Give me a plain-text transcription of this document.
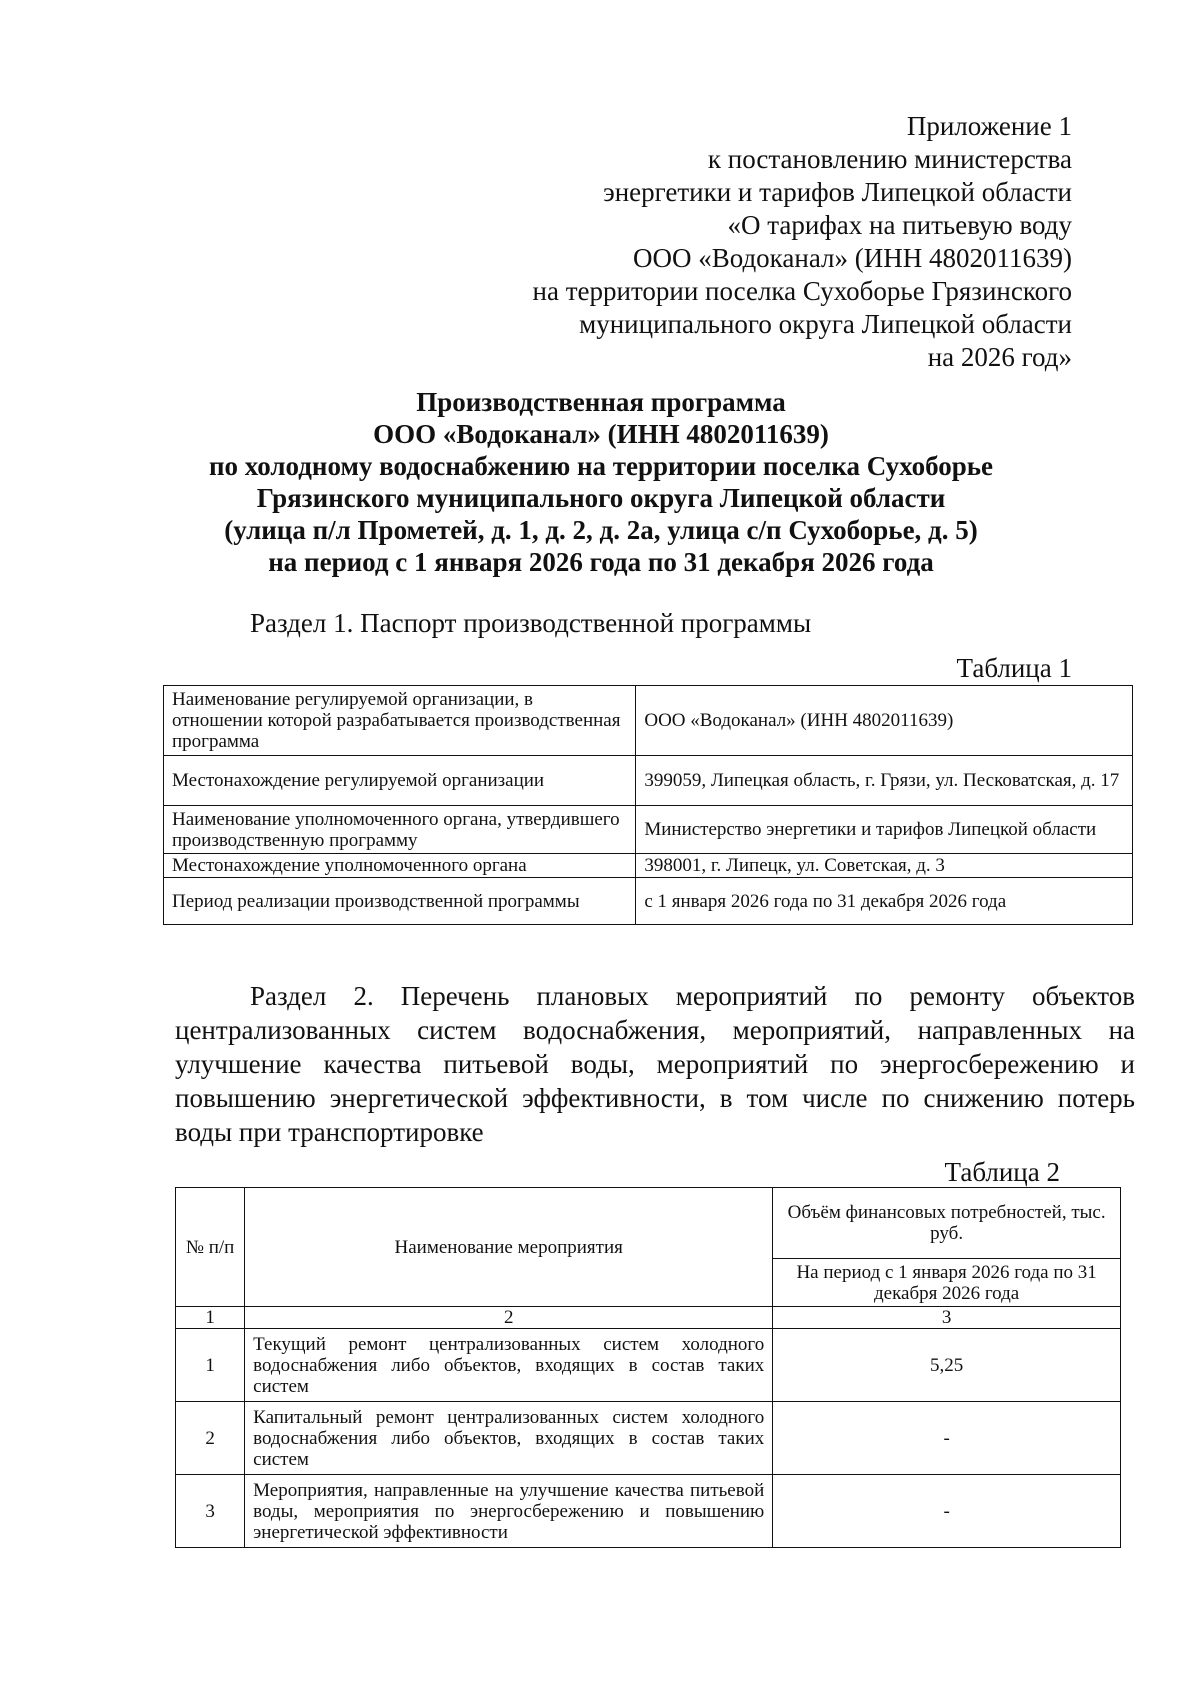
Приложение 1
к постановлению министерства
энергетики и тарифов Липецкой области
«О тарифах на питьевую воду
ООО «Водоканал» (ИНН 4802011639)
на территории поселка Сухоборье Грязинского
муниципального округа Липецкой области
на 2026 год»
Производственная программа
ООО «Водоканал» (ИНН 4802011639)
по холодному водоснабжению на территории поселка Сухоборье
Грязинского муниципального округа Липецкой области
(улица п/л Прометей, д. 1, д. 2, д. 2а, улица с/п Сухоборье, д. 5)
на период с 1 января 2026 года по 31 декабря 2026 года
Раздел 1. Паспорт производственной программы
Таблица 1
Наименование регулируемой организации, в отношении которой разрабатывается производственная программа	ООО «Водоканал» (ИНН 4802011639)
Местонахождение регулируемой организации	399059, Липецкая область, г. Грязи, ул. Песковатская, д. 17
Наименование уполномоченного органа, утвердившего производственную программу	Министерство энергетики и тарифов Липецкой области
Местонахождение уполномоченного органа	398001, г. Липецк, ул. Советская, д. 3
Период реализации производственной программы	с 1 января 2026 года по 31 декабря 2026 года
Раздел 2. Перечень плановых мероприятий по ремонту объектов централизованных систем водоснабжения, мероприятий, направленных на улучшение качества питьевой воды, мероприятий по энергосбережению и повышению энергетической эффективности, в том числе по снижению потерь воды при транспортировке
Таблица 2
№ п/п	Наименование мероприятия	Объём финансовых потребностей, тыс. руб.
		На период с 1 января 2026 года по 31 декабря 2026 года
1	2	3
1	Текущий ремонт централизованных систем холодного водоснабжения либо объектов, входящих в состав таких систем	5,25
2	Капитальный ремонт централизованных систем холодного водоснабжения либо объектов, входящих в состав таких систем	-
3	Мероприятия, направленные на улучшение качества питьевой воды, мероприятия по энергосбережению и повышению энергетической эффективности	-
